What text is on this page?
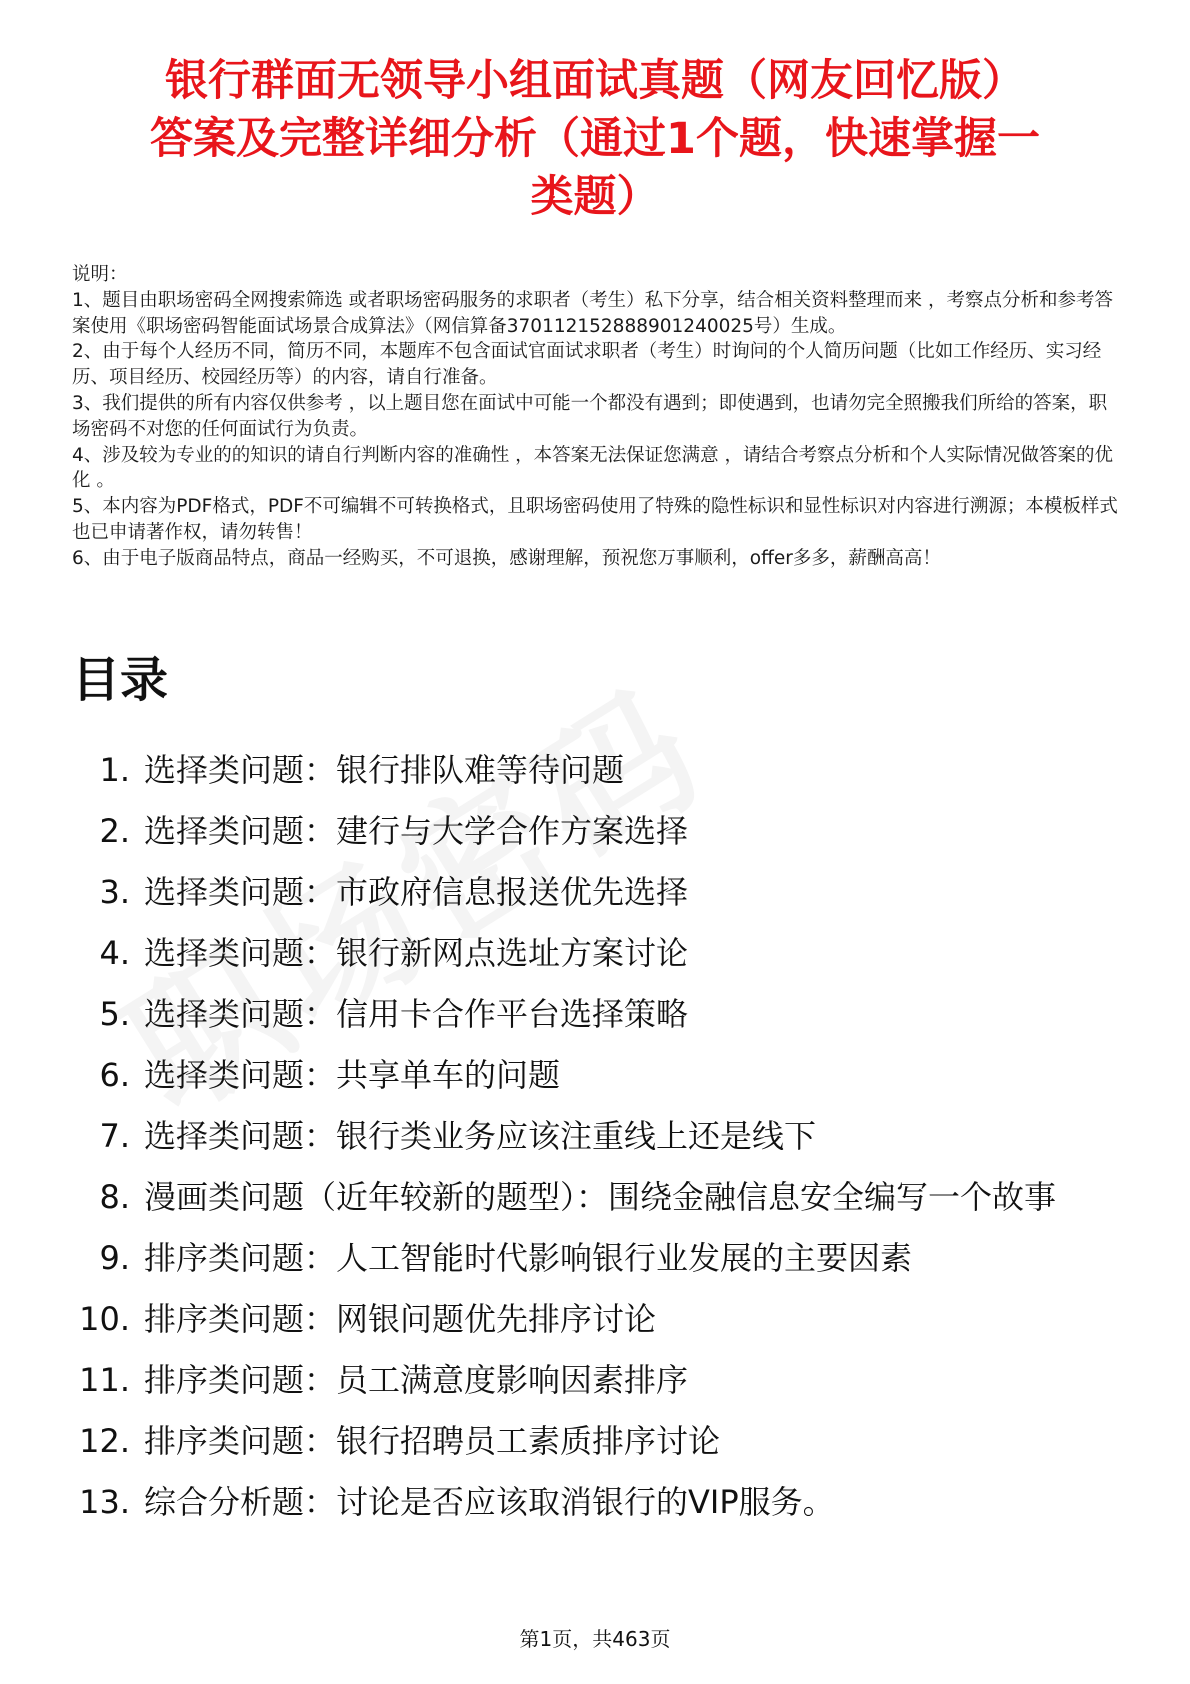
银行群面无领导小组面试真题（网友回忆版）
答案及完整详细分析（通过1个题，快速掌握一
类题）

说明：

1、题目由职场密码全网搜索筛选 或者职场密码服务的求职者（考生）私下分享，结合相关资料整理而来 ，考察点分析和参考答案使用《职场密码智能面试场景合成算法》（网信算备370112152888901240025号）生成。

2、由于每个人经历不同，简历不同，本题库不包含面试官面试求职者（考生）时询问的个人简历问题（比如工作经历、实习经历、项目经历、校园经历等）的内容，请自行准备。

3、我们提供的所有内容仅供参考 ，以上题目您在面试中可能一个都没有遇到；即使遇到，也请勿完全照搬我们所给的答案，职场密码不对您的任何面试行为负责。

4、涉及较为专业的的知识的请自行判断内容的准确性 ，本答案无法保证您满意 ，请结合考察点分析和个人实际情况做答案的优化 。

5、本内容为PDF格式，PDF不可编辑不可转换格式，且职场密码使用了特殊的隐性标识和显性标识对内容进行溯源；本模板样式也已申请著作权，请勿转售！

6、由于电子版商品特点，商品一经购买，不可退换，感谢理解，预祝您万事顺利，offer多多，薪酬高高！

目录
1. 选择类问题：银行排队难等待问题
2. 选择类问题：建行与大学合作方案选择
3. 选择类问题：市政府信息报送优先选择
4. 选择类问题：银行新网点选址方案讨论
5. 选择类问题：信用卡合作平台选择策略
6. 选择类问题：共享单车的问题
7. 选择类问题：银行类业务应该注重线上还是线下
8. 漫画类问题（近年较新的题型）：围绕金融信息安全编写一个故事
9. 排序类问题：人工智能时代影响银行业发展的主要因素
10. 排序类问题：网银问题优先排序讨论
11. 排序类问题：员工满意度影响因素排序
12. 排序类问题：银行招聘员工素质排序讨论
13. 综合分析题：讨论是否应该取消银行的VIP服务。
第1页，共463页
